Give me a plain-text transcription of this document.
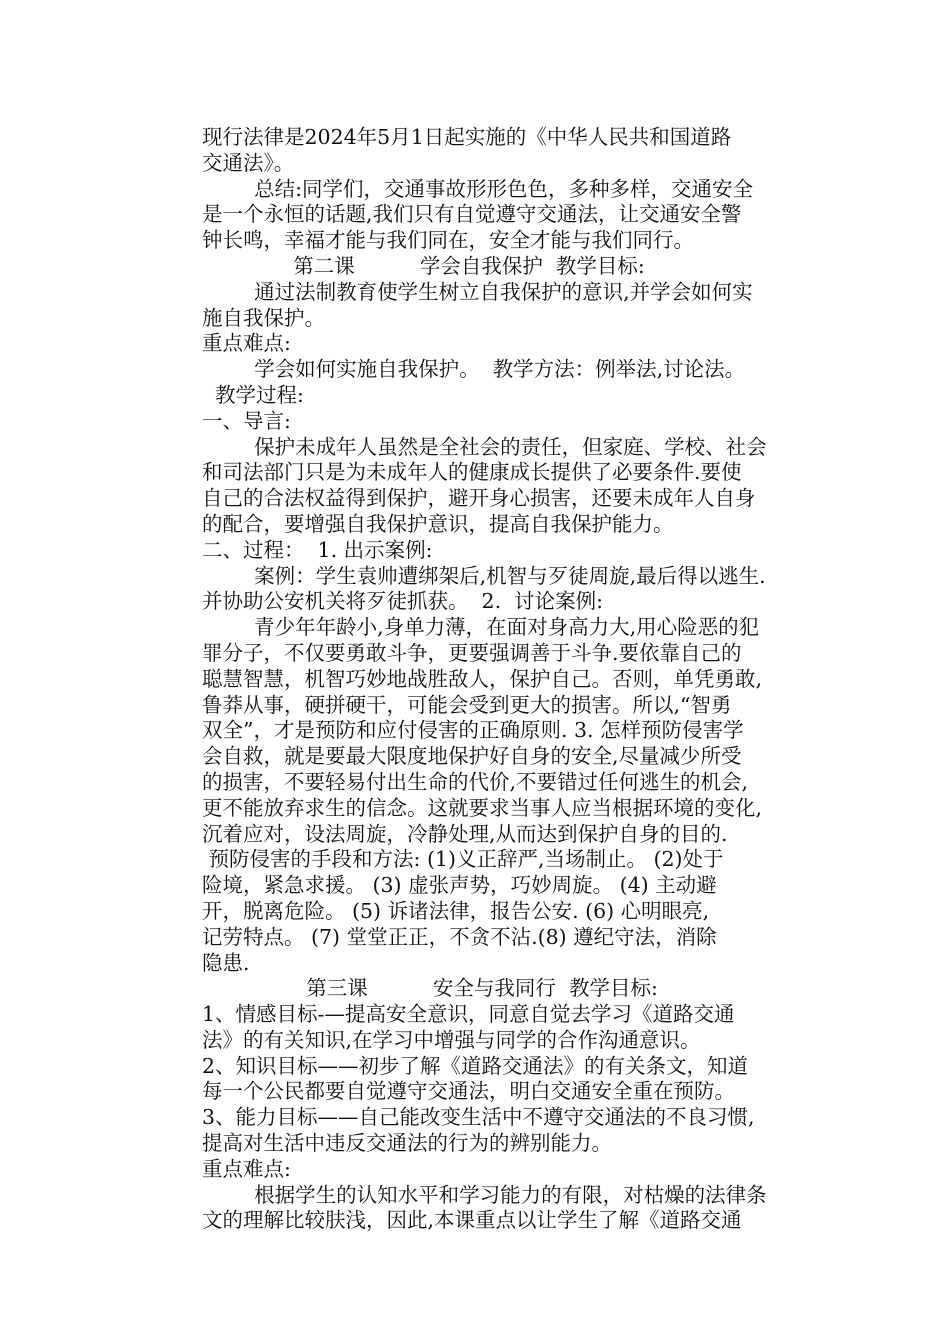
现行法律是2024年5月1日起实施的《中华人民共和国道路
交通法》。
总结:同学们，交通事故形形色色，多种多样，交通安全
是一个永恒的话题,我们只有自觉遵守交通法，让交通安全警
钟长鸣，幸福才能与我们同在，安全才能与我们同行。
第二课          学会自我保护  教学目标:
通过法制教育使学生树立自我保护的意识,并学会如何实
施自我保护。
重点难点:
学会如何实施自我保护。  教学方法：例举法,讨论法。
教学过程:
一、导言:
保护未成年人虽然是全社会的责任，但家庭、学校、社会
和司法部门只是为未成年人的健康成长提供了必要条件.要使
自己的合法权益得到保护，避开身心损害，还要未成年人自身
的配合，要增强自我保护意识，提高自我保护能力。
二、过程：  1. 出示案例:
案例：学生袁帅遭绑架后,机智与歹徒周旋,最后得以逃生.
并协助公安机关将歹徒抓获。  2.  讨论案例:
青少年年龄小,身单力薄，在面对身高力大,用心险恶的犯
罪分子，不仅要勇敢斗争，更要强调善于斗争.要依靠自己的
聪慧智慧，机智巧妙地战胜敌人，保护自己。否则，单凭勇敢,
鲁莽从事，硬拼硬干，可能会受到更大的损害。所以,“智勇
双全”，才是预防和应付侵害的正确原则. 3. 怎样预防侵害学
会自救，就是要最大限度地保护好自身的安全,尽量减少所受
的损害，不要轻易付出生命的代价,不要错过任何逃生的机会,
更不能放弃求生的信念。这就要求当事人应当根据环境的变化,
沉着应对，设法周旋，冷静处理,从而达到保护自身的目的.
预防侵害的手段和方法: (1)义正辞严,当场制止。 (2)处于
险境，紧急求援。 (3) 虚张声势，巧妙周旋。 (4) 主动避
开，脱离危险。 (5) 诉诸法律，报告公安. (6) 心明眼亮,
记劳特点。 (7) 堂堂正正，不贪不沾.(8) 遵纪守法，消除
隐患.
第三课          安全与我同行  教学目标:
1、情感目标-—提高安全意识，同意自觉去学习《道路交通
法》的有关知识,在学习中增强与同学的合作沟通意识。
2、知识目标——初步了解《道路交通法》的有关条文，知道
每一个公民都要自觉遵守交通法，明白交通安全重在预防。
3、能力目标——自己能改变生活中不遵守交通法的不良习惯,
提高对生活中违反交通法的行为的辨别能力。
重点难点:
根据学生的认知水平和学习能力的有限，对枯燥的法律条
文的理解比较肤浅，因此,本课重点以让学生了解《道路交通
